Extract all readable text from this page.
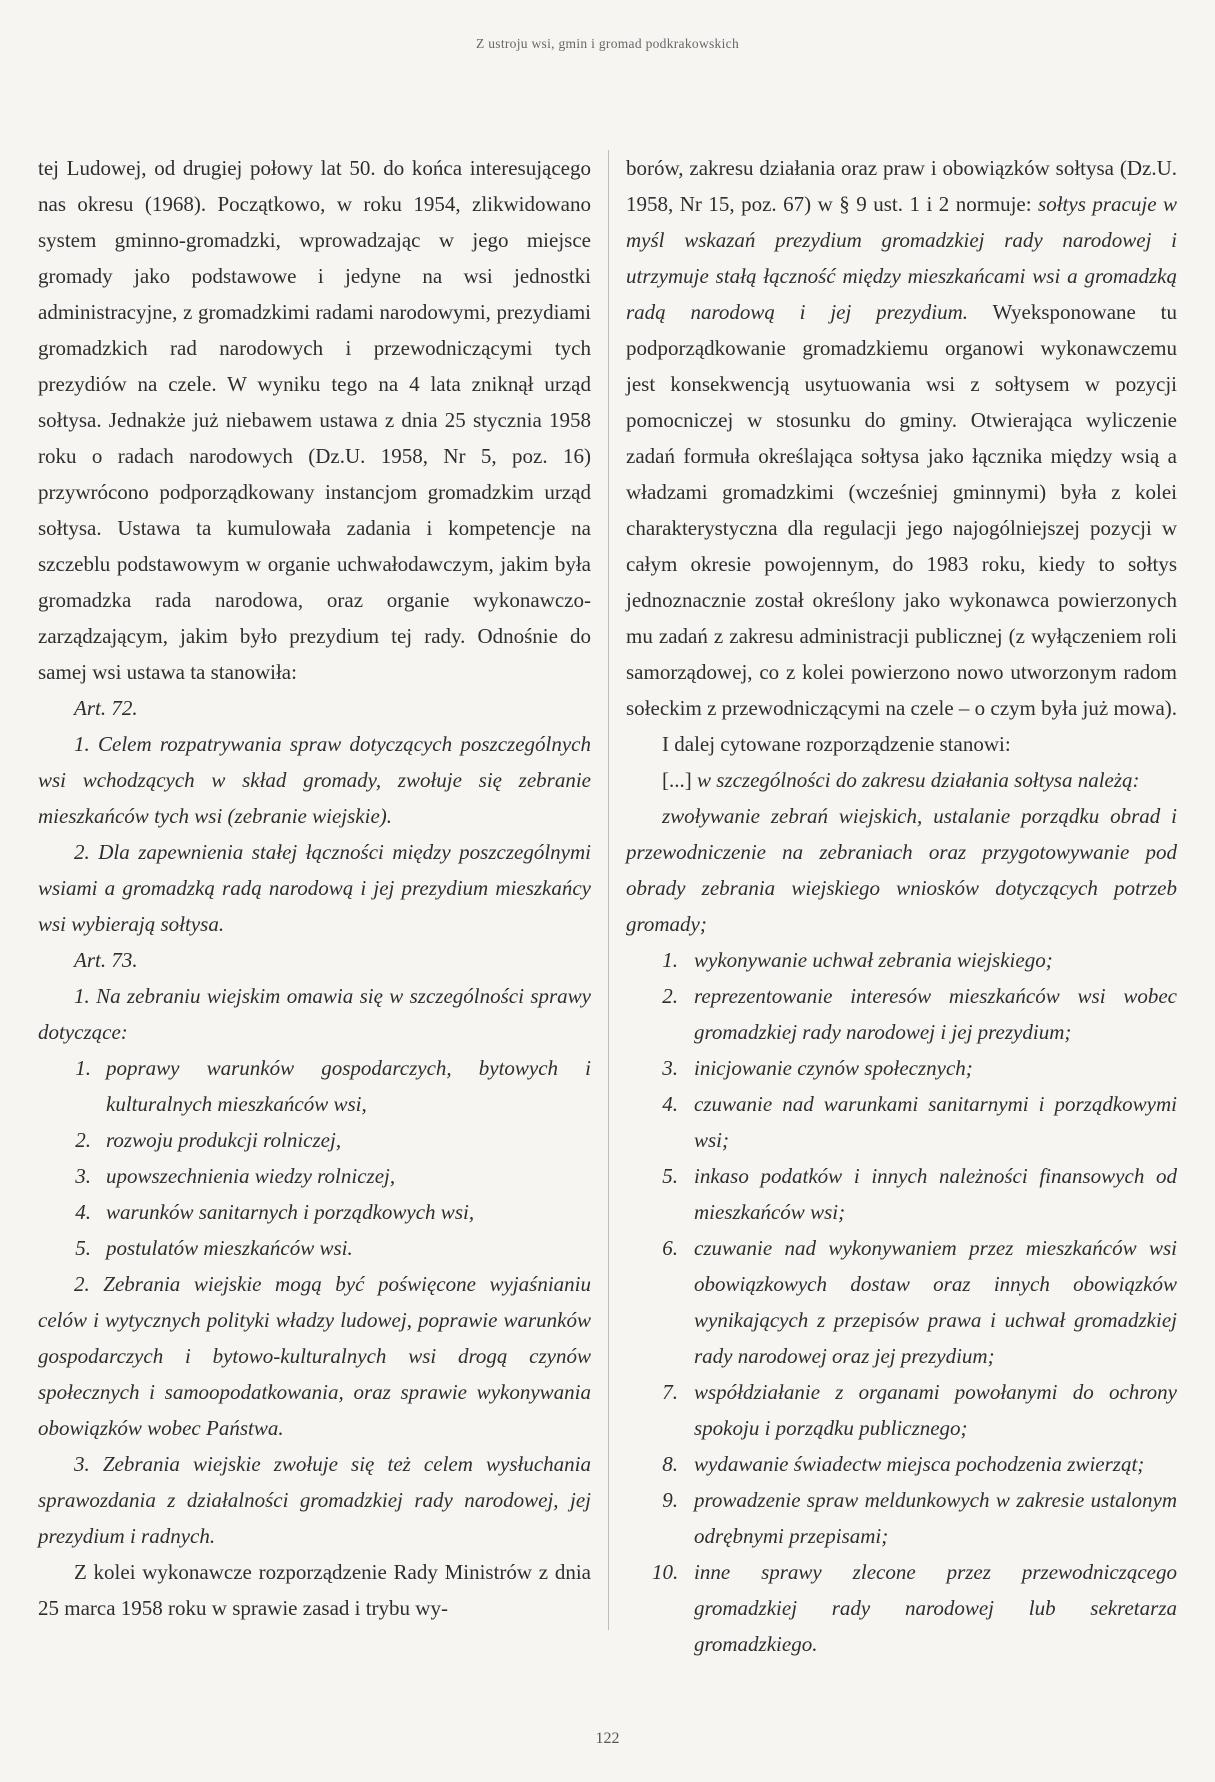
Z ustroju wsi, gmin i gromad podkrakowskich

tej Ludowej, od drugiej połowy lat 50. do końca interesującego nas okresu (1968). Początkowo, w roku 1954, zlikwidowano system gminno-gromadzki, wprowadzając w jego miejsce gromady jako podstawowe i jedyne na wsi jednostki administracyjne, z gromadzkimi radami narodowymi, prezydiami gromadzkich rad narodowych i przewodniczącymi tych prezydiów na czele. W wyniku tego na 4 lata zniknął urząd sołtysa. Jednakże już niebawem ustawa z dnia 25 stycznia 1958 roku o radach narodowych (Dz.U. 1958, Nr 5, poz. 16) przywrócono podporządkowany instancjom gromadzkim urząd sołtysa. Ustawa ta kumulowała zadania i kompetencje na szczeblu podstawowym w organie uchwałodawczym, jakim była gromadzka rada narodowa, oraz organie wykonawczo-zarządzającym, jakim było prezydium tej rady. Odnośnie do samej wsi ustawa ta stanowiła:

Art. 72.

1. Celem rozpatrywania spraw dotyczących poszczególnych wsi wchodzących w skład gromady, zwołuje się zebranie mieszkańców tych wsi (zebranie wiejskie).

2. Dla zapewnienia stałej łączności między poszczególnymi wsiami a gromadzką radą narodową i jej prezydium mieszkańcy wsi wybierają sołtysa.

Art. 73.

1. Na zebraniu wiejskim omawia się w szczególności sprawy dotyczące:

1. poprawy warunków gospodarczych, bytowych i kulturalnych mieszkańców wsi,
2. rozwoju produkcji rolniczej,
3. upowszechnienia wiedzy rolniczej,
4. warunków sanitarnych i porządkowych wsi,
5. postulatów mieszkańców wsi.

2. Zebrania wiejskie mogą być poświęcone wyjaśnianiu celów i wytycznych polityki władzy ludowej, poprawie warunków gospodarczych i bytowo-kulturalnych wsi drogą czynów społecznych i samoopodatkowania, oraz sprawie wykonywania obowiązków wobec Państwa.

3. Zebrania wiejskie zwołuje się też celem wysłuchania sprawozdania z działalności gromadzkiej rady narodowej, jej prezydium i radnych.

Z kolei wykonawcze rozporządzenie Rady Ministrów z dnia 25 marca 1958 roku w sprawie zasad i trybu wy-

borów, zakresu działania oraz praw i obowiązków sołtysa (Dz.U. 1958, Nr 15, poz. 67) w § 9 ust. 1 i 2 normuje: sołtys pracuje w myśl wskazań prezydium gromadzkiej rady narodowej i utrzymuje stałą łączność między mieszkańcami wsi a gromadzką radą narodową i jej prezydium. Wyeksponowane tu podporządkowanie gromadzkiemu organowi wykonawczemu jest konsekwencją usytuowania wsi z sołtysem w pozycji pomocniczej w stosunku do gminy. Otwierająca wyliczenie zadań formuła określająca sołtysa jako łącznika między wsią a władzami gromadzkimi (wcześniej gminnymi) była z kolei charakterystyczna dla regulacji jego najogólniejszej pozycji w całym okresie powojennym, do 1983 roku, kiedy to sołtys jednoznacznie został określony jako wykonawca powierzonych mu zadań z zakresu administracji publicznej (z wyłączeniem roli samorządowej, co z kolei powierzono nowo utworzonym radom sołeckim z przewodniczącymi na czele – o czym była już mowa).

I dalej cytowane rozporządzenie stanowi:

[...] w szczególności do zakresu działania sołtysa należą:

zwoływanie zebrań wiejskich, ustalanie porządku obrad i przewodniczenie na zebraniach oraz przygotowywanie pod obrady zebrania wiejskiego wniosków dotyczących potrzeb gromady;

1. wykonywanie uchwał zebrania wiejskiego;
2. reprezentowanie interesów mieszkańców wsi wobec gromadzkiej rady narodowej i jej prezydium;
3. inicjowanie czynów społecznych;
4. czuwanie nad warunkami sanitarnymi i porządkowymi wsi;
5. inkaso podatków i innych należności finansowych od mieszkańców wsi;
6. czuwanie nad wykonywaniem przez mieszkańców wsi obowiązkowych dostaw oraz innych obowiązków wynikających z przepisów prawa i uchwał gromadzkiej rady narodowej oraz jej prezydium;
7. współdziałanie z organami powołanymi do ochrony spokoju i porządku publicznego;
8. wydawanie świadectw miejsca pochodzenia zwierząt;
9. prowadzenie spraw meldunkowych w zakresie ustalonym odrębnymi przepisami;
10. inne sprawy zlecone przez przewodniczącego gromadzkiej rady narodowej lub sekretarza gromadzkiego.
122
